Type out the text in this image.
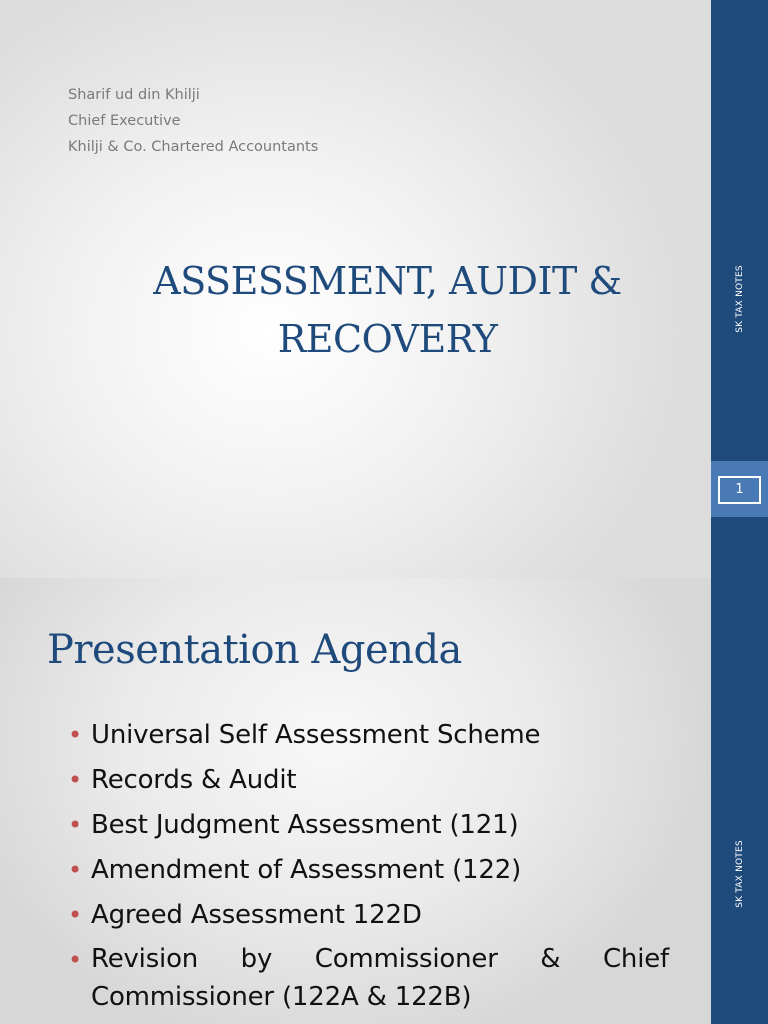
Sharif ud din Khilji
Chief Executive
Khilji & Co. Chartered Accountants
ASSESSMENT, AUDIT &
RECOVERY
SK TAX NOTES
1
Presentation Agenda
• Universal Self Assessment Scheme
• Records & Audit
• Best Judgment Assessment (121)
• Amendment of Assessment (122)
• Agreed Assessment 122D
• Revision by Commissioner & Chief
Commissioner (122A & 122B)
SK TAX NOTES
